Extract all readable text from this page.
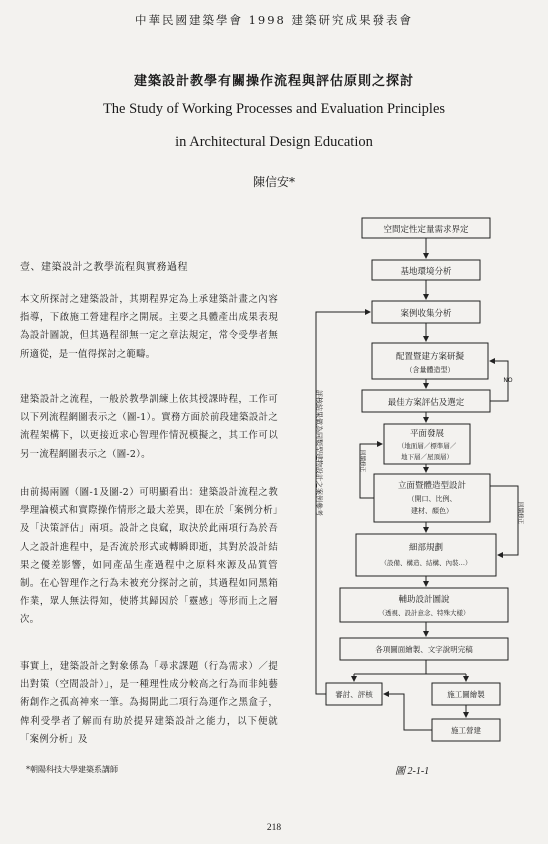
中華民國建築學會 1998 建築研究成果發表會
建築設計教學有關操作流程與評估原則之探討
The Study of Working Processes and Evaluation Principles
in Architectural Design Education
陳信安*
壹、建築設計之教學流程與實務過程
本文所探討之建築設計，其期程界定為上承建築計畫之內容指導，下啟施工營建程序之開展。主要之具體產出成果表現為設計圖說，但其過程卻無一定之章法規定，常令受學者無所適從，是一值得探討之範疇。
建築設計之流程，一般於教學訓練上依其授課時程，工作可以下列流程網圖表示之（圖-1）。實務方面於前段建築設計之流程架構下，以更接近求心智理作情況模擬之，其工作可以另一流程網圖表示之（圖-2）。
由前揭兩圖（圖-1及圖-2）可明顯看出：建築設計流程之教學理論模式和實際操作情形之最大差異，即在於「案例分析」及「決策評估」兩項。設計之良窳，取決於此兩項行為於吾人之設計進程中，是否流於形式或轉瞬即逝，其對於設計結果之優差影響，如同產品生產過程中之原料來源及品質管制。在心智理作之行為未被充分探討之前，其過程如同黑箱作業，眾人無法得知，使將其歸因於「靈感」等形而上之層次。
事實上，建築設計之對象係為「尋求課題（行為需求）／提出對策（空間設計）」，是一種理性成分較高之行為而非純藝術創作之孤高神來一筆。為揭開此二項行為運作之黑盒子，俾利受學者了解而有助於提昇建築設計之能力，以下便就「案例分析」及
*朝陽科技大學建築系講師
空間定性定量需求界定
基地環境分析
案例收集分析
配置暨建方案研擬
（含量體造型）
最佳方案評估及選定
平面發展
（地面層／標準層／
地下層／屋頂層）
立面暨體造型設計
（開口、比例、
建材、顏色）
細部規劃
（設備、構造、結構、內裝…）
輔助設計圖說
（透視、設計意念、特殊大樣）
各項圖面繪製、文字說明完稿
審討、評核	施工圖繪製
施工營建
NO
評核結果做為同類型建物設計之案例參考	回饋修正
回饋修正
圖 2-1-1
218
